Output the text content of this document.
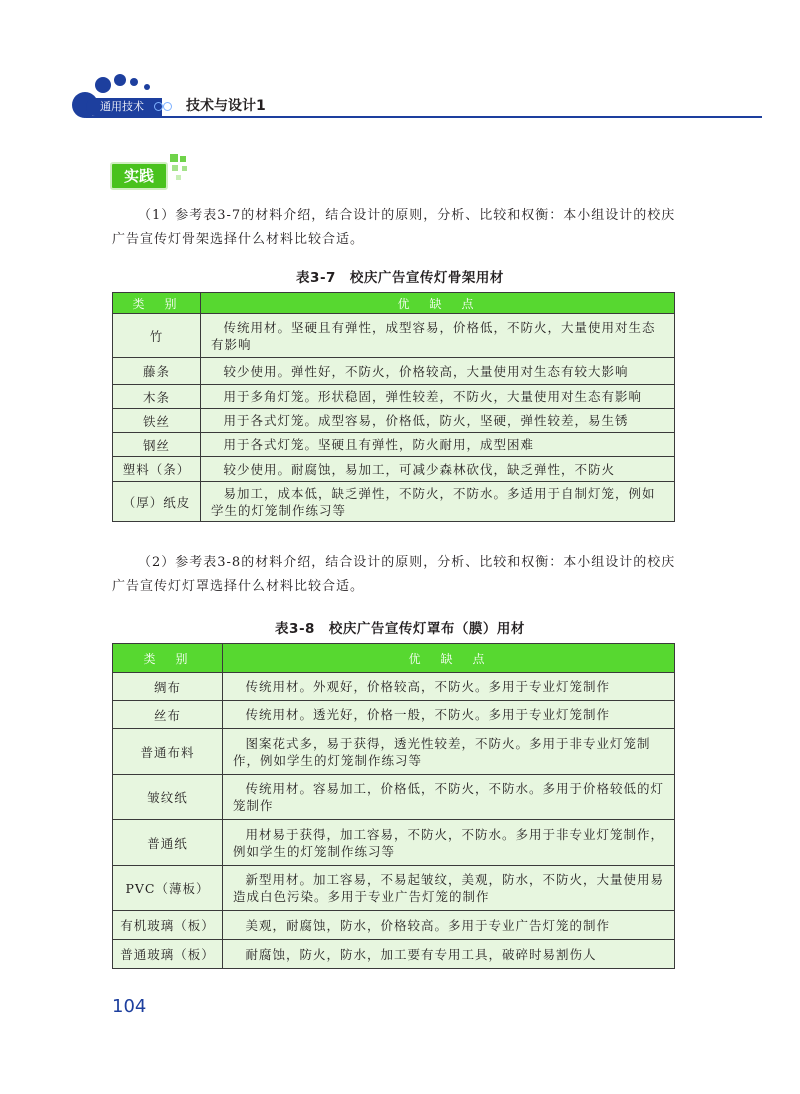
通用技术	技术与设计1
实践
（1）参考表3-7的材料介绍，结合设计的原则，分析、比较和权衡：本小组设计的校庆广告宣传灯骨架选择什么材料比较合适。
表3-7　校庆广告宣传灯骨架用材
类　别	优　缺　点
竹	传统用材。坚硬且有弹性，成型容易，价格低，不防火，大量使用对生态有影响
藤条	较少使用。弹性好，不防火，价格较高，大量使用对生态有较大影响
木条	用于多角灯笼。形状稳固，弹性较差，不防火，大量使用对生态有影响
铁丝	用于各式灯笼。成型容易，价格低，防火，坚硬，弹性较差，易生锈
钢丝	用于各式灯笼。坚硬且有弹性，防火耐用，成型困难
塑料（条）	较少使用。耐腐蚀，易加工，可减少森林砍伐，缺乏弹性，不防火
（厚）纸皮	易加工，成本低，缺乏弹性，不防火，不防水。多适用于自制灯笼，例如学生的灯笼制作练习等
（2）参考表3-8的材料介绍，结合设计的原则，分析、比较和权衡：本小组设计的校庆广告宣传灯灯罩选择什么材料比较合适。
表3-8　校庆广告宣传灯罩布（膜）用材
类　别	优　缺　点
绸布	传统用材。外观好，价格较高，不防火。多用于专业灯笼制作
丝布	传统用材。透光好，价格一般，不防火。多用于专业灯笼制作
普通布料	图案花式多，易于获得，透光性较差，不防火。多用于非专业灯笼制作，例如学生的灯笼制作练习等
皱纹纸	传统用材。容易加工，价格低，不防火，不防水。多用于价格较低的灯笼制作
普通纸	用材易于获得，加工容易，不防火，不防水。多用于非专业灯笼制作，例如学生的灯笼制作练习等
PVC（薄板）	新型用材。加工容易，不易起皱纹，美观，防水，不防火，大量使用易造成白色污染。多用于专业广告灯笼的制作
有机玻璃（板）	美观，耐腐蚀，防水，价格较高。多用于专业广告灯笼的制作
普通玻璃（板）	耐腐蚀，防火，防水，加工要有专用工具，破碎时易割伤人
104
